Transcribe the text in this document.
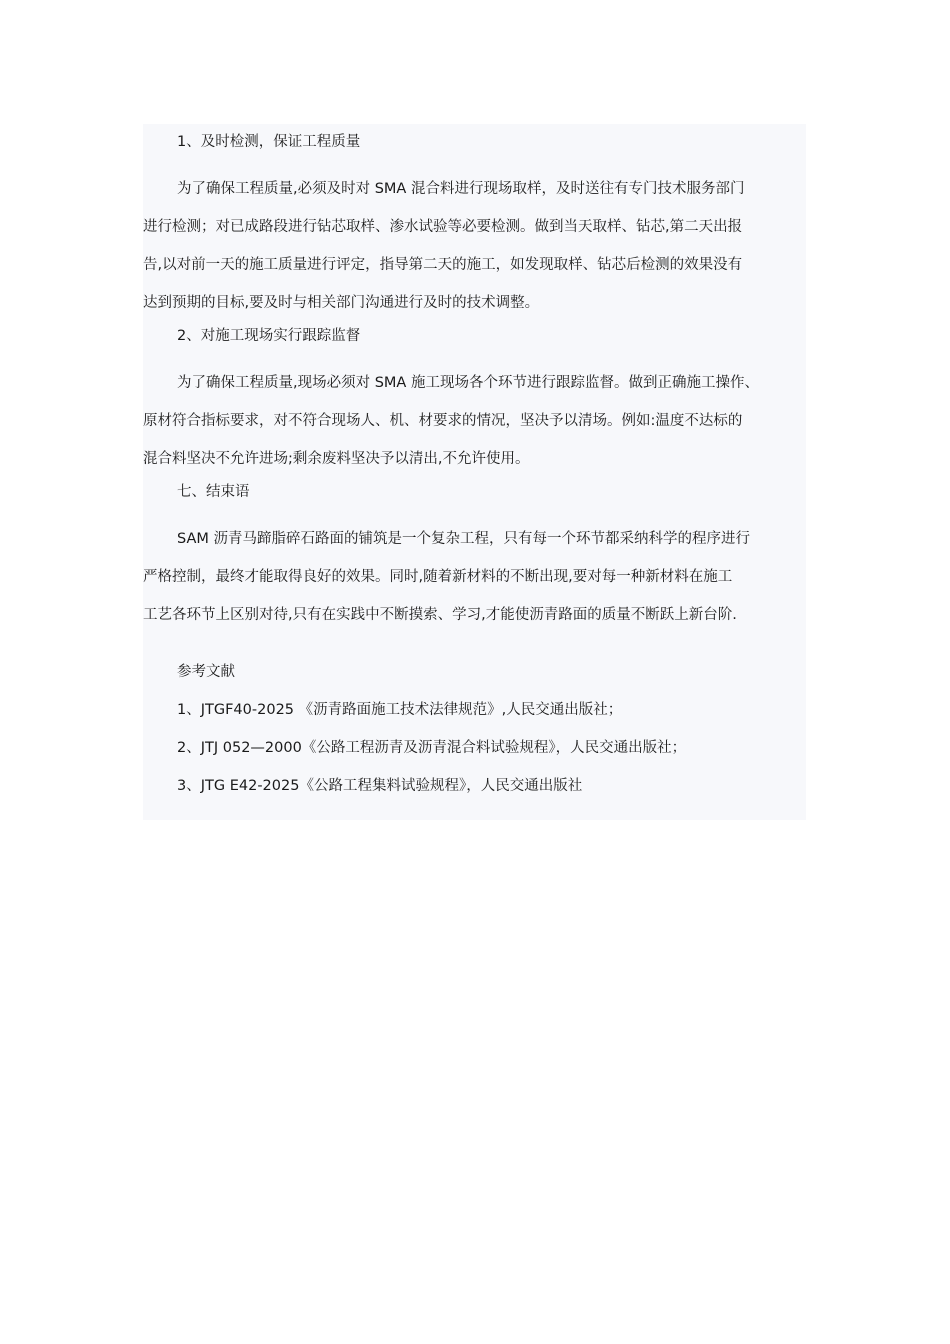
1、及时检测，保证工程质量

为了确保工程质量,必须及时对 SMA 混合料进行现场取样，及时送往有专门技术服务部门

进行检测；对已成路段进行钻芯取样、渗水试验等必要检测。做到当天取样、钻芯,第二天出报

告,以对前一天的施工质量进行评定，指导第二天的施工，如发现取样、钻芯后检测的效果没有

达到预期的目标,要及时与相关部门沟通进行及时的技术调整。

2、对施工现场实行跟踪监督

为了确保工程质量,现场必须对 SMA 施工现场各个环节进行跟踪监督。做到正确施工操作、

原材符合指标要求，对不符合现场人、机、材要求的情况，坚决予以清场。例如:温度不达标的

混合料坚决不允许进场;剩余废料坚决予以清出,不允许使用。

七、结束语

SAM 沥青马蹄脂碎石路面的铺筑是一个复杂工程，只有每一个环节都采纳科学的程序进行

严格控制，最终才能取得良好的效果。同时,随着新材料的不断出现,要对每一种新材料在施工

工艺各环节上区别对待,只有在实践中不断摸索、学习,才能使沥青路面的质量不断跃上新台阶.

参考文献

1、JTGF40-2025 《沥青路面施工技术法律规范》,人民交通出版社；

2、JTJ 052—2000《公路工程沥青及沥青混合料试验规程》，人民交通出版社；

3、JTG E42-2025《公路工程集料试验规程》，人民交通出版社
